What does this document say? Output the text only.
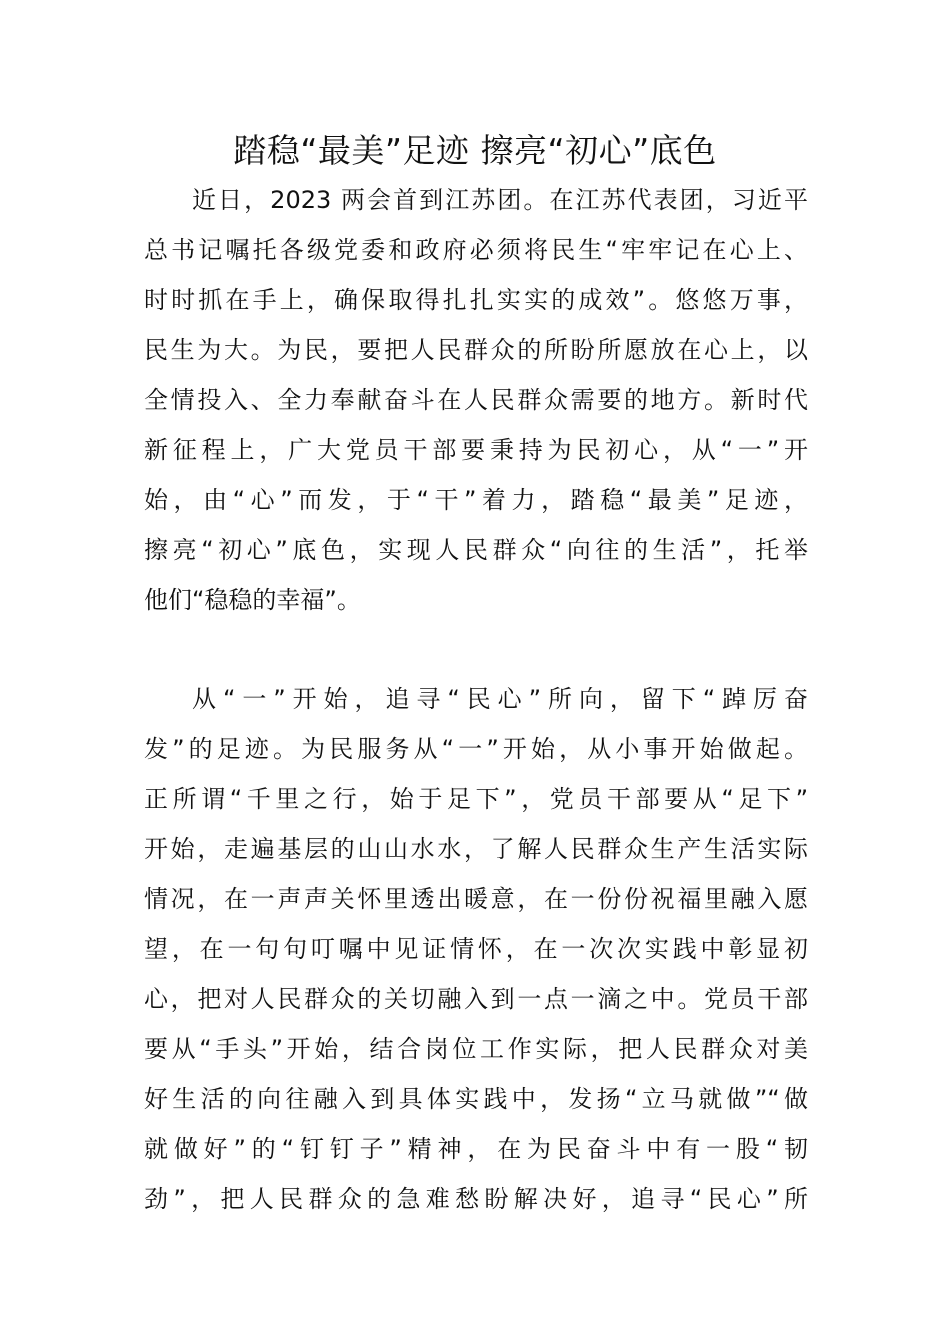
踏稳“最美”足迹 擦亮“初心”底色
近日，2023 两会首到江苏团。在江苏代表团，习近平
总书记嘱托各级党委和政府必须将民生“牢牢记在心上、
时时抓在手上，确保取得扎扎实实的成效”。悠悠万事，
民生为大。为民，要把人民群众的所盼所愿放在心上，以
全情投入、全力奉献奋斗在人民群众需要的地方。新时代
新征程上，广大党员干部要秉持为民初心，从“一”开
始，由“心”而发，于“干”着力，踏稳“最美”足迹，
擦亮“初心”底色，实现人民群众“向往的生活”，托举
他们“稳稳的幸福”。
从“一”开始，追寻“民心”所向，留下“踔厉奋
发”的足迹。为民服务从“一”开始，从小事开始做起。
正所谓“千里之行，始于足下”，党员干部要从“足下”
开始，走遍基层的山山水水，了解人民群众生产生活实际
情况，在一声声关怀里透出暖意，在一份份祝福里融入愿
望，在一句句叮嘱中见证情怀，在一次次实践中彰显初
心，把对人民群众的关切融入到一点一滴之中。党员干部
要从“手头”开始，结合岗位工作实际，把人民群众对美
好生活的向往融入到具体实践中，发扬“立马就做”“做
就做好”的“钉钉子”精神，在为民奋斗中有一股“韧
劲”，把人民群众的急难愁盼解决好，追寻“民心”所
